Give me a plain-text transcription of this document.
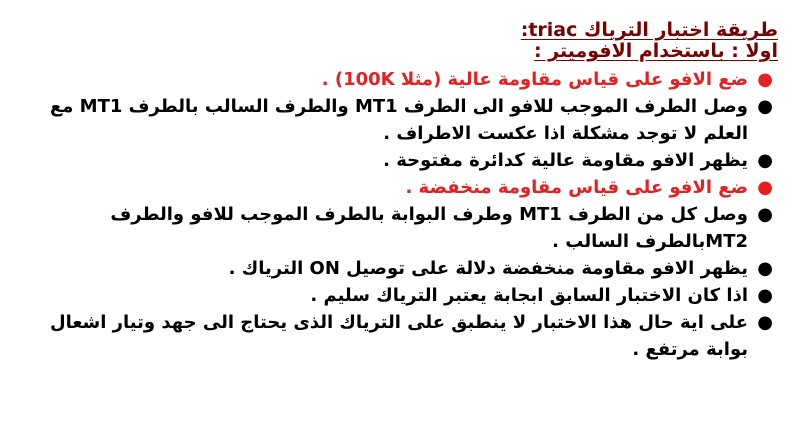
طريقة اختبار الترياك triac:
اولا : باستخدام الافوميتر :
●
ضع الافو على قياس مقاومة عالية (مثلا 100K) .
●
وصل الطرف الموجب للافو الى الطرف MT1 والطرف السالب بالطرف MT1 مع العلم لا توجد مشكلة اذا عكست الاطراف .
●
يظهر الافو مقاومة عالية كدائرة مفتوحة .
●
ضع الافو على قياس مقاومة منخفضة .
●
وصل كل من الطرف MT1 وطرف البوابة بالطرف الموجب للافو والطرف MT2بالطرف السالب .
●
يظهر الافو مقاومة منخفضة دلالة على توصيل ON الترياك .
●
اذا كان الاختبار السابق ابجابة يعتبر الترياك سليم .
●
على اية حال هذا الاختبار لا ينطبق على الترياك الذى يحتاج الى جهد وتيار اشعال بوابة مرتفع .
